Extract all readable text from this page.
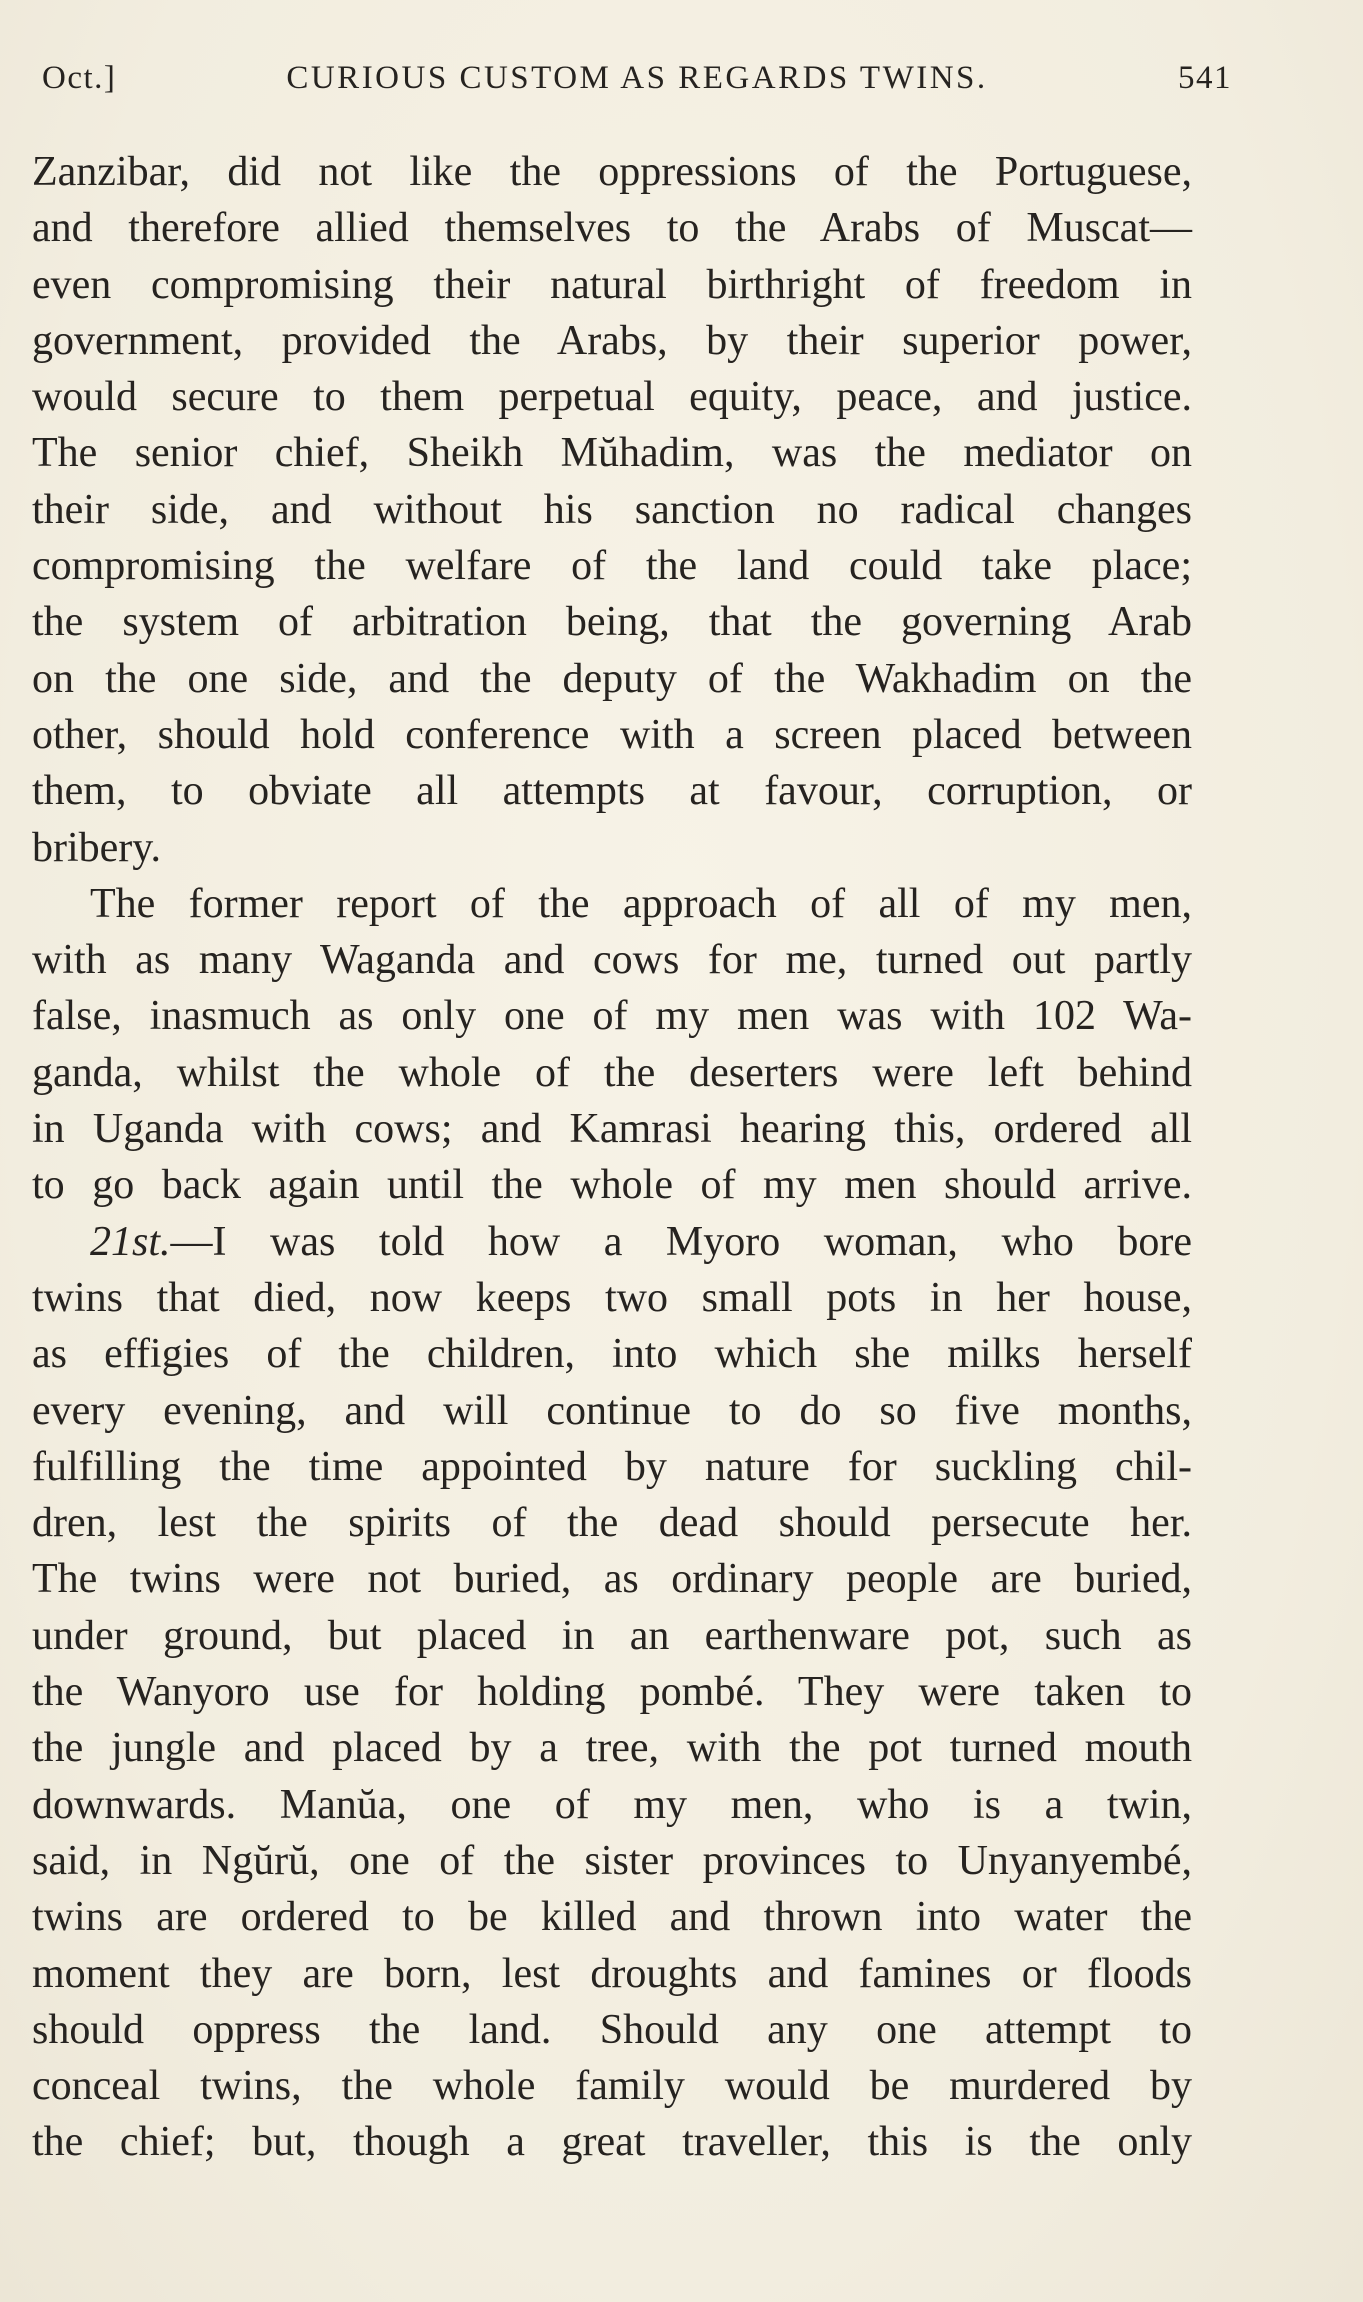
Oct.]	CURIOUS CUSTOM AS REGARDS TWINS.	541
Zanzibar, did not like the oppressions of the Portuguese,
and therefore allied themselves to the Arabs of Muscat—
even compromising their natural birthright of freedom in
government, provided the Arabs, by their superior power,
would secure to them perpetual equity, peace, and justice.
The senior chief, Sheikh Mŭhadim, was the mediator on
their side, and without his sanction no radical changes
compromising the welfare of the land could take place;
the system of arbitration being, that the governing Arab
on the one side, and the deputy of the Wakhadim on the
other, should hold conference with a screen placed between
them, to obviate all attempts at favour, corruption, or
bribery.
The former report of the approach of all of my men,
with as many Waganda and cows for me, turned out partly
false, inasmuch as only one of my men was with 102 Wa-
ganda, whilst the whole of the deserters were left behind
in Uganda with cows; and Kamrasi hearing this, ordered all
to go back again until the whole of my men should arrive.
21st.—I was told how a Myoro woman, who bore
twins that died, now keeps two small pots in her house,
as effigies of the children, into which she milks herself
every evening, and will continue to do so five months,
fulfilling the time appointed by nature for suckling chil-
dren, lest the spirits of the dead should persecute her.
The twins were not buried, as ordinary people are buried,
under ground, but placed in an earthenware pot, such as
the Wanyoro use for holding pombé. They were taken to
the jungle and placed by a tree, with the pot turned mouth
downwards. Manŭa, one of my men, who is a twin,
said, in Ngŭrŭ, one of the sister provinces to Unyanyembé,
twins are ordered to be killed and thrown into water the
moment they are born, lest droughts and famines or floods
should oppress the land. Should any one attempt to
conceal twins, the whole family would be murdered by
the chief; but, though a great traveller, this is the only
